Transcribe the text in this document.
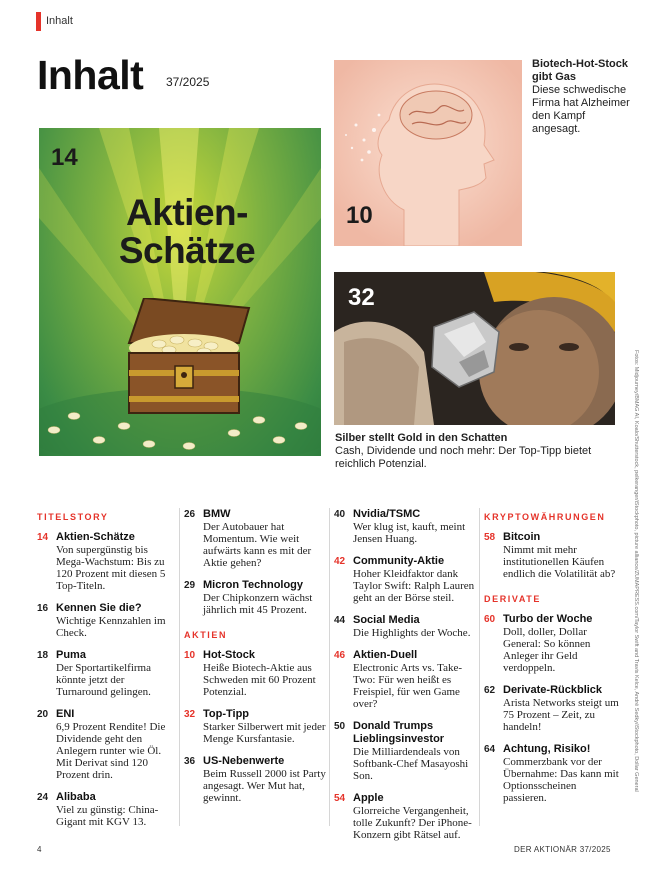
Inhalt
Inhalt 37/2025
14
Aktien-
Schätze
10
Biotech-Hot-Stock gibt Gas
Diese schwedische Firma hat Alzheimer den Kampf angesagt.
32
Silber stellt Gold in den Schatten
Cash, Dividende und noch mehr: Der Top-Tipp bietet reichlich Potenzial.	Fotos: Midjourney/BMAG AI, Koalo/Shutterstock, pelkeranger/iStockphoto, picture alliance/ZUMAPRESS.com/Taylor Swift and Travis Kelce, André Sedky/iStockphoto, Dollar General
TITELSTORY
14 Aktien-Schätze
Von supergünstig bis Mega-Wachstum: Bis zu 120 Prozent mit diesen 5 Top-Titeln.
16 Kennen Sie die?
Wichtige Kennzahlen im Check.
18 Puma
Der Sportartikelfirma könnte jetzt der Turnaround gelingen.
20 ENI
6,9 Prozent Rendite! Die Dividende geht den Anlegern runter wie Öl. Mit Derivat sind 120 Prozent drin.
24 Alibaba
Viel zu günstig: China-Gigant mit KGV 13.
26 BMW
Der Autobauer hat Momentum. Wie weit aufwärts kann es mit der Aktie gehen?
29 Micron Technology
Der Chipkonzern wächst jährlich mit 45 Prozent.
AKTIEN
10 Hot-Stock
Heiße Biotech-Aktie aus Schweden mit 60 Prozent Potenzial.
32 Top-Tipp
Starker Silberwert mit jeder Menge Kursfantasie.
36 US-Nebenwerte
Beim Russell 2000 ist Party angesagt. Wer Mut hat, gewinnt.
40 Nvidia/TSMC
Wer klug ist, kauft, meint Jensen Huang.
42 Community-Aktie
Hoher Kleidfaktor dank Taylor Swift: Ralph Lauren geht an der Börse steil.
44 Social Media
Die Highlights der Woche.
46 Aktien-Duell
Electronic Arts vs. Take-Two: Für wen heißt es Freispiel, für wen Game over?
50 Donald Trumps Lieblingsinvestor
Die Milliardendeals von Softbank-Chef Masayoshi Son.
54 Apple
Glorreiche Vergangenheit, tolle Zukunft? Der iPhone-Konzern gibt Rätsel auf.
KRYPTOWÄHRUNGEN
58 Bitcoin
Nimmt mit mehr institutionellen Käufen endlich die Volatilität ab?
DERIVATE
60 Turbo der Woche
Doll, doller, Dollar General: So können Anleger ihr Geld verdoppeln.
62 Derivate-Rückblick
Arista Networks steigt um 75 Prozent – Zeit, zu handeln!
64 Achtung, Risiko!
Commerzbank vor der Übernahme: Das kann mit Optionsscheinen passieren.
4	DER AKTIONÄR 37/2025
